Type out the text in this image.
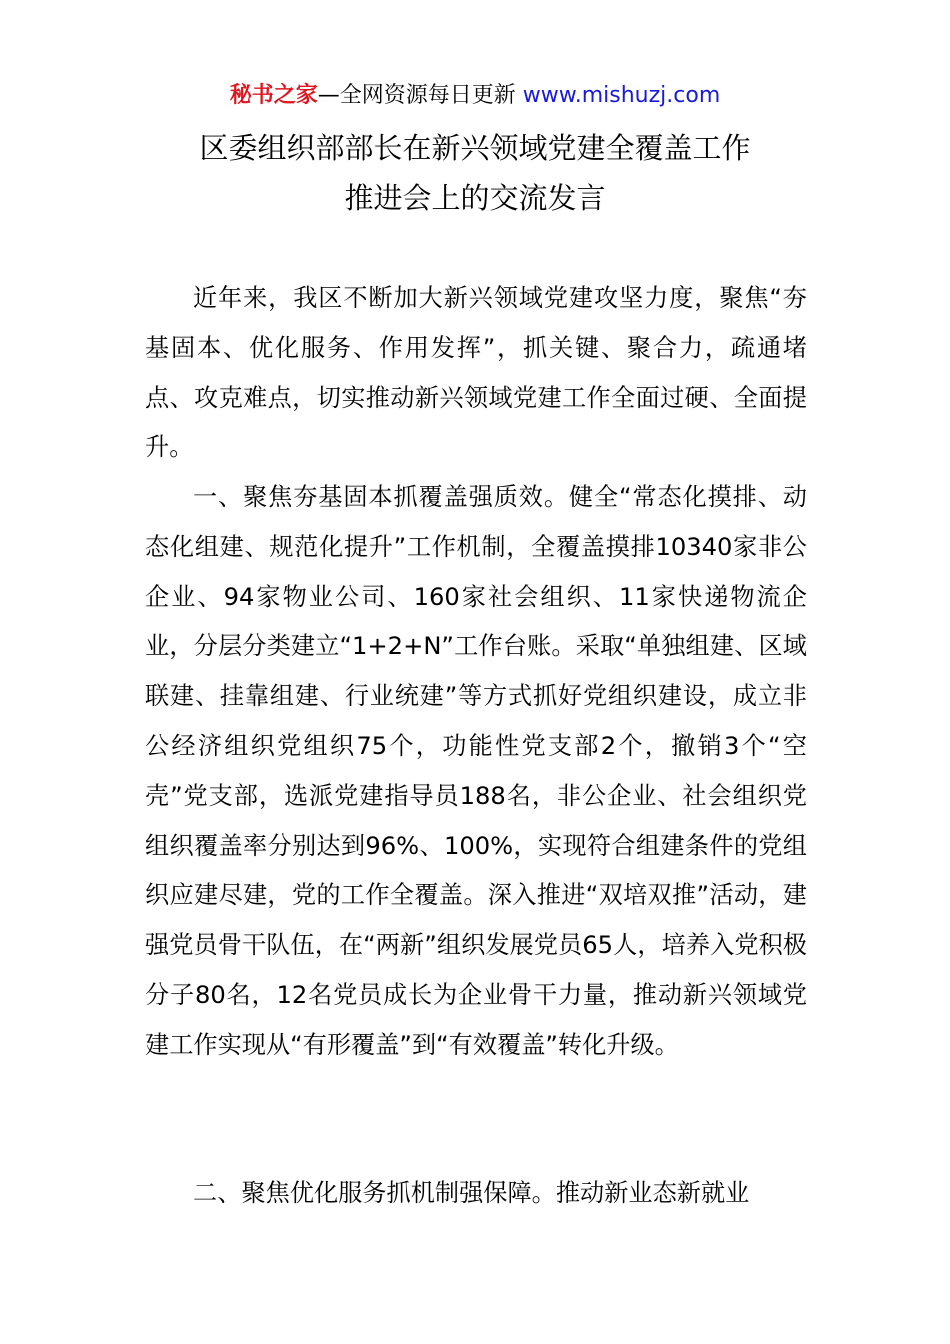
秘书之家—全网资源每日更新 www.mishuzj.com
区委组织部部长在新兴领域党建全覆盖工作
推进会上的交流发言

近年来，我区不断加大新兴领域党建攻坚力度，聚焦“夯基固本、优化服务、作用发挥”，抓关键、聚合力，疏通堵点、攻克难点，切实推动新兴领域党建工作全面过硬、全面提升。

一、聚焦夯基固本抓覆盖强质效。健全“常态化摸排、动态化组建、规范化提升”工作机制，全覆盖摸排10340家非公企业、94家物业公司、160家社会组织、11家快递物流企业，分层分类建立“1+2+N”工作台账。采取“单独组建、区域联建、挂靠组建、行业统建”等方式抓好党组织建设，成立非公经济组织党组织75个，功能性党支部2个，撤销3个“空壳”党支部，选派党建指导员188名，非公企业、社会组织党组织覆盖率分别达到96%、100%，实现符合组建条件的党组织应建尽建，党的工作全覆盖。深入推进“双培双推”活动，建强党员骨干队伍，在“两新”组织发展党员65人，培养入党积极分子80名，12名党员成长为企业骨干力量，推动新兴领域党建工作实现从“有形覆盖”到“有效覆盖”转化升级。

二、聚焦优化服务抓机制强保障。推动新业态新就业
